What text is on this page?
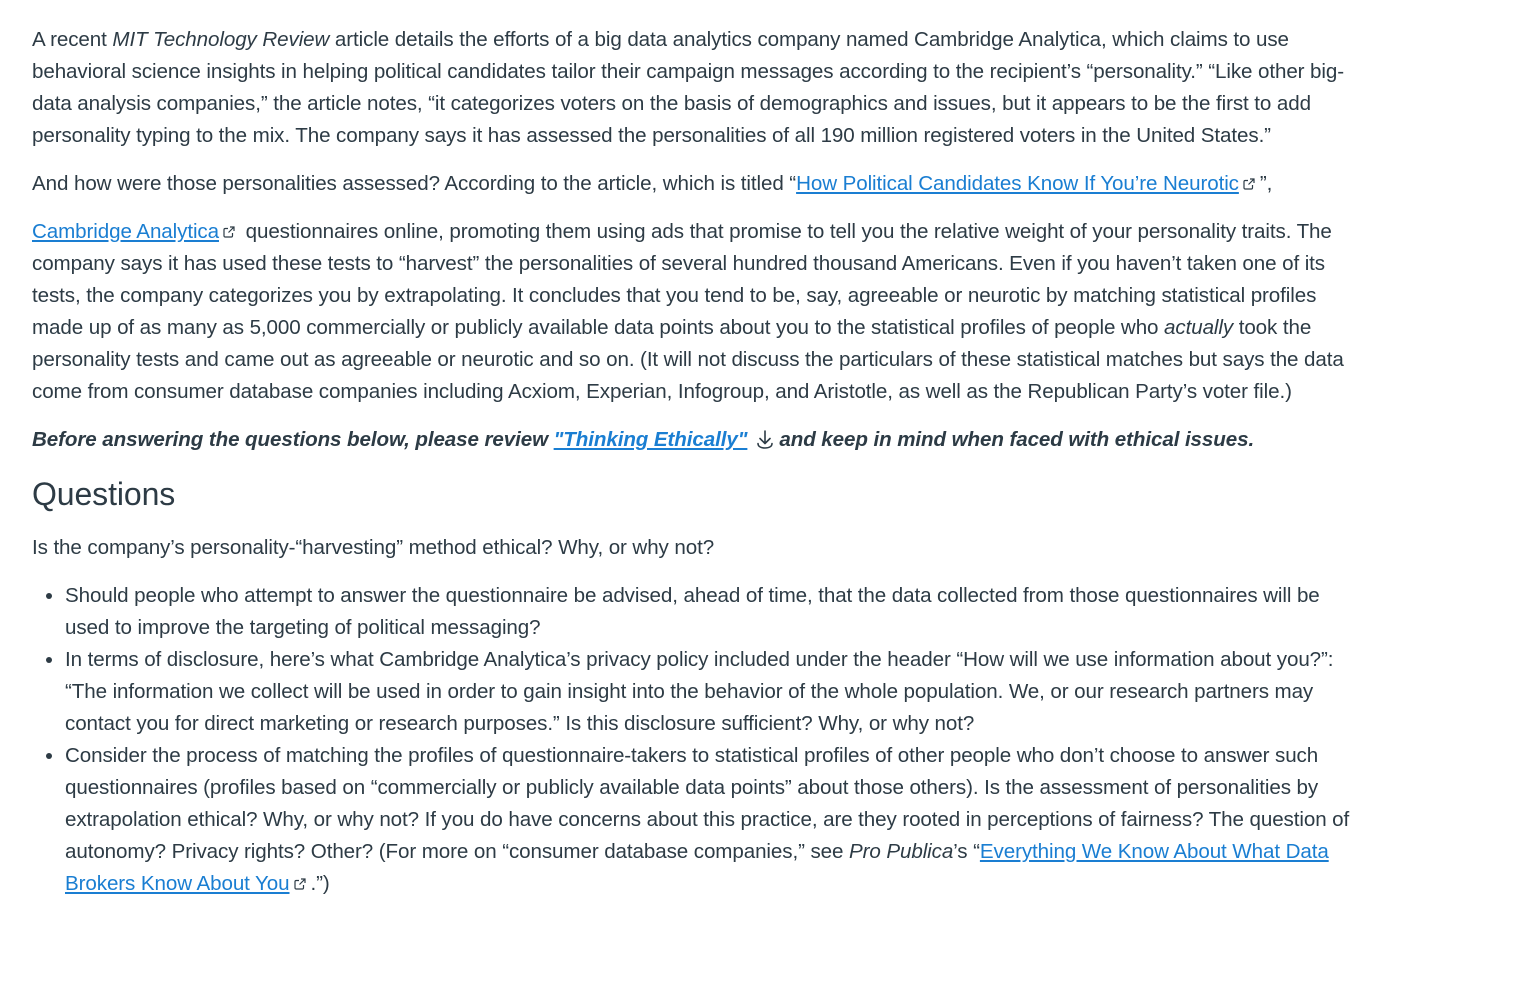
A recent MIT Technology Review article details the efforts of a big data analytics company named Cambridge Analytica, which claims to use behavioral science insights in helping political candidates tailor their campaign messages according to the recipient’s “personality.” “Like other big-data analysis companies,” the article notes, “it categorizes voters on the basis of demographics and issues, but it appears to be the first to add personality typing to the mix. The company says it has assessed the personalities of all 190 million registered voters in the United States.”

And how were those personalities assessed? According to the article, which is titled “How Political Candidates Know If You’re Neurotic ”,

Cambridge Analytica
questionnaires online, promoting them using ads that promise to tell you the relative weight of your personality traits. The company says it has used these tests to “harvest” the personalities of several hundred thousand Americans. Even if you haven’t taken one of its tests, the company categorizes you by extrapolating. It concludes that you tend to be, say, agreeable or neurotic by matching statistical profiles made up of as many as 5,000 commercially or publicly available data points about you to the statistical profiles of people who actually took the personality tests and came out as agreeable or neurotic and so on. (It will not discuss the particulars of these statistical matches but says the data come from consumer database companies including Acxiom, Experian, Infogroup, and Aristotle, as well as the Republican Party’s voter file.)

Before answering the questions below, please review "Thinking Ethically" and keep in mind when faced with ethical issues.

Questions

Is the company’s personality-“harvesting” method ethical? Why, or why not?

• Should people who attempt to answer the questionnaire be advised, ahead of time, that the data collected from those questionnaires will be used to improve the targeting of political messaging?
• In terms of disclosure, here’s what Cambridge Analytica’s privacy policy included under the header “How will we use information about you?”: “The information we collect will be used in order to gain insight into the behavior of the whole population. We, or our research partners may contact you for direct marketing or research purposes.” Is this disclosure sufficient? Why, or why not?
• Consider the process of matching the profiles of questionnaire-takers to statistical profiles of other people who don’t choose to answer such questionnaires (profiles based on “commercially or publicly available data points” about those others). Is the assessment of personalities by extrapolation ethical? Why, or why not? If you do have concerns about this practice, are they rooted in perceptions of fairness? The question of autonomy? Privacy rights? Other? (For more on “consumer database companies,” see Pro Publica’s “Everything We Know About What Data Brokers Know About You .”)
